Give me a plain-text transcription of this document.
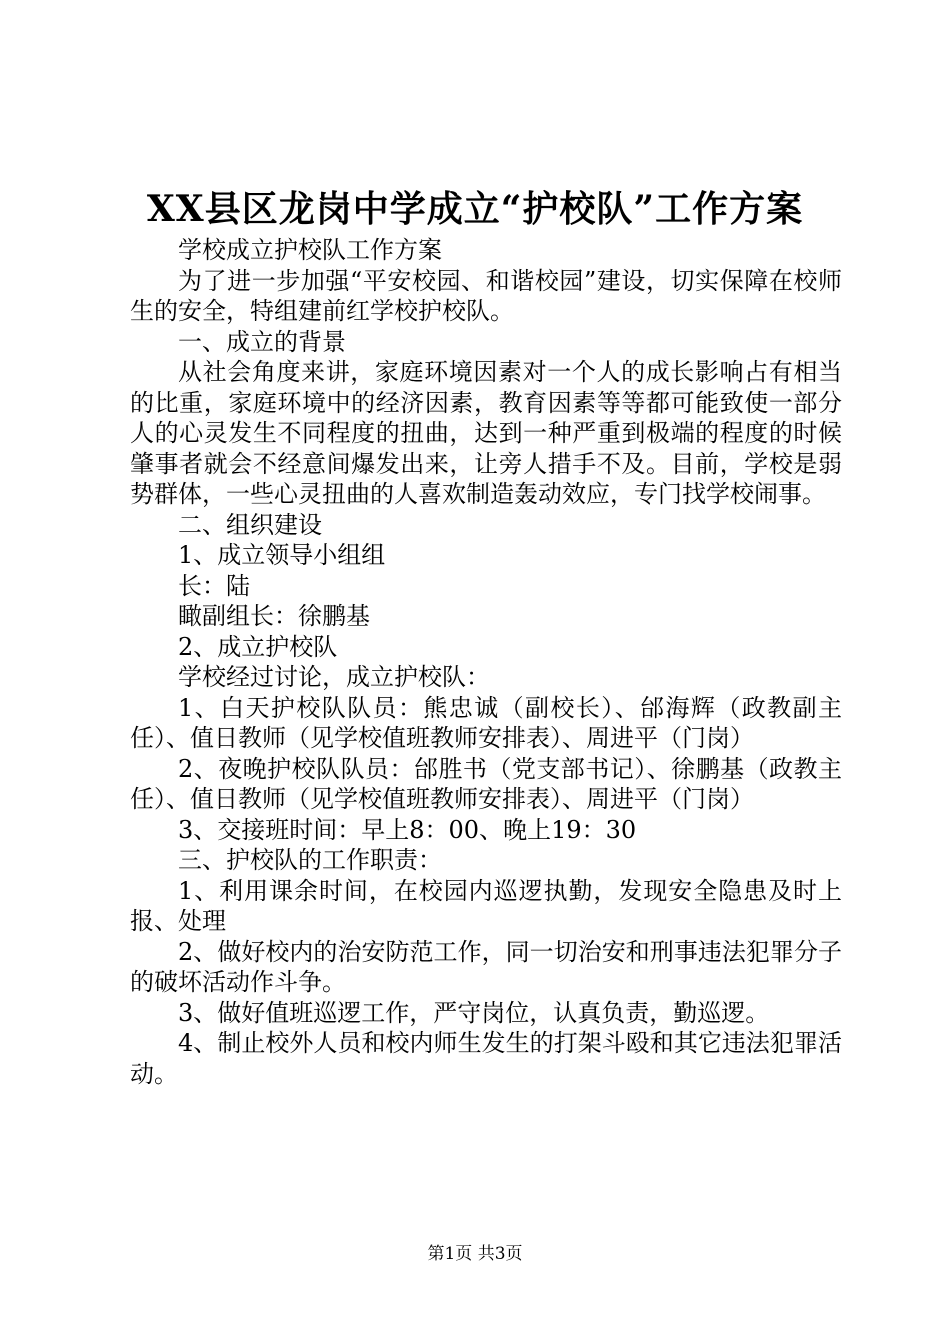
XX县区龙岗中学成立“护校队”工作方案

学校成立护校队工作方案

为了进一步加强“平安校园、和谐校园”建设，切实保障在校师生的安全，特组建前红学校护校队。

一、成立的背景

从社会角度来讲，家庭环境因素对一个人的成长影响占有相当的比重，家庭环境中的经济因素，教育因素等等都可能致使一部分人的心灵发生不同程度的扭曲，达到一种严重到极端的程度的时候肇事者就会不经意间爆发出来，让旁人措手不及。目前，学校是弱势群体，一些心灵扭曲的人喜欢制造轰动效应，专门找学校闹事。

二、组织建设

1、成立领导小组组

长：陆

瞰副组长：徐鹏基

2、成立护校队

学校经过讨论，成立护校队：

1、白天护校队队员：熊忠诚（副校长）、邰海辉（政教副主任）、值日教师（见学校值班教师安排表）、周进平（门岗）

2、夜晚护校队队员：邰胜书（党支部书记）、徐鹏基（政教主任）、值日教师（见学校值班教师安排表）、周进平（门岗）

3、交接班时间：早上8：00、晚上19：30

三、护校队的工作职责：

1、利用课余时间，在校园内巡逻执勤，发现安全隐患及时上报、处理

2、做好校内的治安防范工作，同一切治安和刑事违法犯罪分子的破坏活动作斗争。

3、做好值班巡逻工作，严守岗位，认真负责，勤巡逻。

4、制止校外人员和校内师生发生的打架斗殴和其它违法犯罪活动。

第1页 共3页
